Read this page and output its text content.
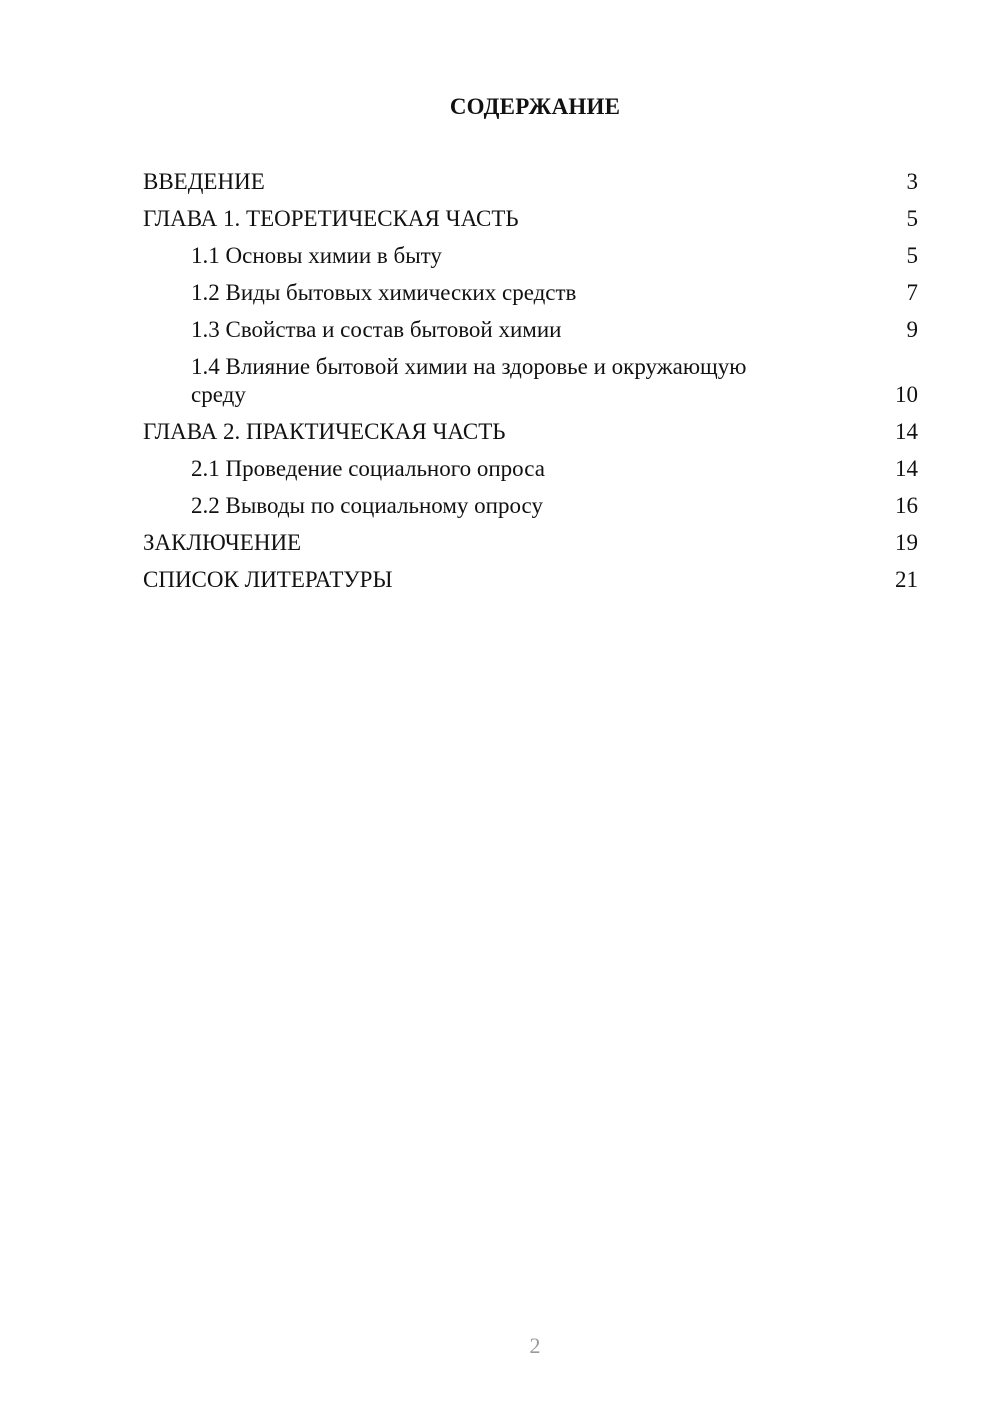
СОДЕРЖАНИЕ
ВВЕДЕНИЕ	3
ГЛАВА 1. ТЕОРЕТИЧЕСКАЯ ЧАСТЬ	5
1.1 Основы химии в быту	5
1.2 Виды бытовых химических средств	7
1.3 Свойства и состав бытовой химии	9
1.4 Влияние бытовой химии на здоровье и окружающую среду	10
ГЛАВА 2. ПРАКТИЧЕСКАЯ ЧАСТЬ	14
2.1 Проведение социального опроса	14
2.2 Выводы по социальному опросу	16
ЗАКЛЮЧЕНИЕ	19
СПИСОК ЛИТЕРАТУРЫ	21
2
